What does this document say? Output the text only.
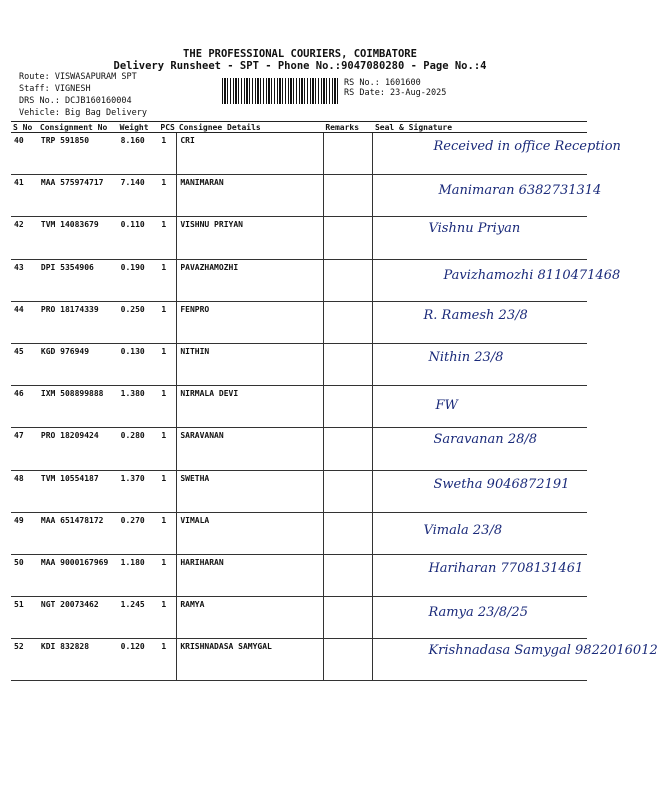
THE PROFESSIONAL COURIERS, COIMBATORE
Delivery Runsheet - SPT - Phone No.:9047080280 - Page No.:4
Route: VISWASAPURAM SPT
Staff: VIGNESH
DRS No.: DCJB160160004
Vehicle: Big Bag Delivery
RS No.: 1601600
RS Date: 23-Aug-2025
S No	Consignment No	Weight	PCS	Consignee Details	Remarks	Seal & Signature
40	TRP 591850	8.160	1	CRI		Received in office Reception

41	MAA 575974717	7.140	1	MANIMARAN		Manimaran 6382731314

42	TVM 14083679	0.110	1	VISHNU PRIYAN		Vishnu Priyan

43	DPI 5354906	0.190	1	PAVAZHAMOZHI		Pavizhamozhi 8110471468

44	PRO 18174339	0.250	1	FENPRO		R. Ramesh 23/8

45	KGD 976949	0.130	1	NITHIN		Nithin 23/8

46	IXM 508899888	1.380	1	NIRMALA DEVI		FW

47	PRO 18209424	0.280	1	SARAVANAN		Saravanan 28/8

48	TVM 10554187	1.370	1	SWETHA		Swetha 9046872191

49	MAA 651478172	0.270	1	VIMALA		Vimala 23/8

50	MAA 9000167969	1.180	1	HARIHARAN		Hariharan 7708131461

51	NGT 20073462	1.245	1	RAMYA		Ramya 23/8/25

52	KDI 832828	0.120	1	KRISHNADASA SAMYGAL		Krishnadasa Samygal 9822016012
